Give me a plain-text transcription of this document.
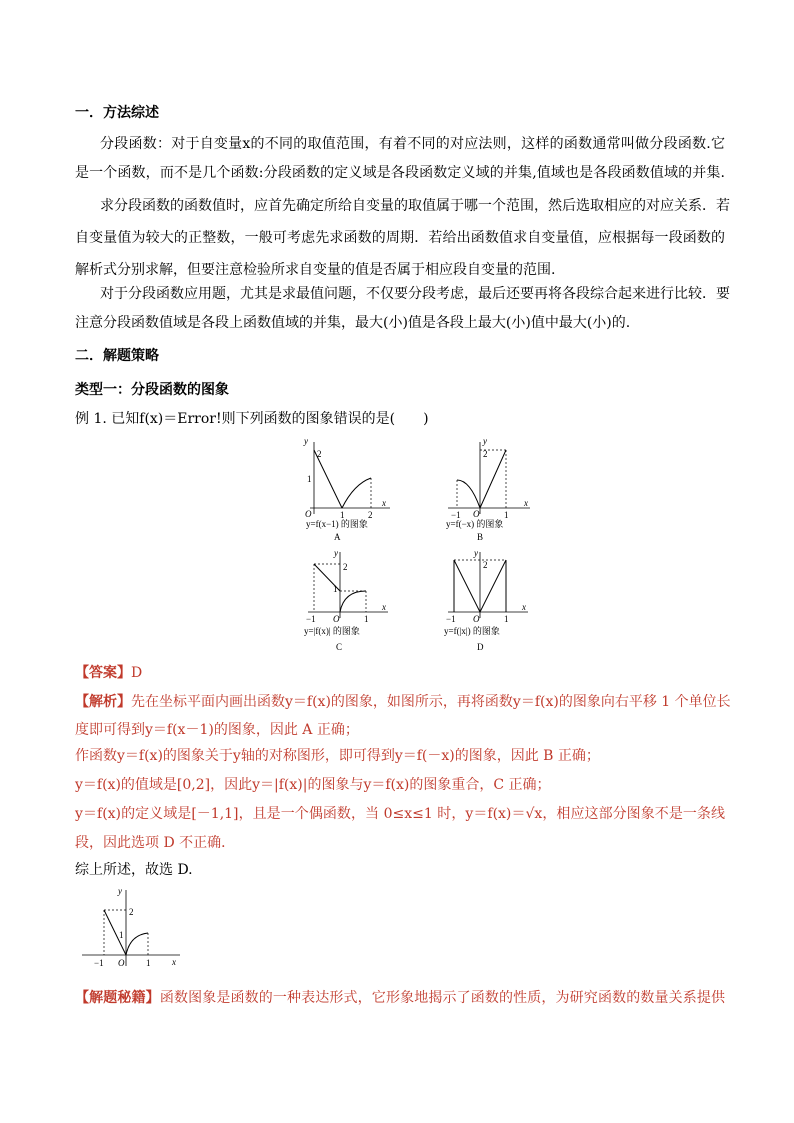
一．方法综述
分段函数：对于自变量x的不同的取值范围，有着不同的对应法则，这样的函数通常叫做分段函数.它
是一个函数，而不是几个函数:分段函数的定义域是各段函数定义域的并集,值域也是各段函数值域的并集.
求分段函数的函数值时，应首先确定所给自变量的取值属于哪一个范围，然后选取相应的对应关系．若
自变量值为较大的正整数，一般可考虑先求函数的周期．若给出函数值求自变量值，应根据每一段函数的
解析式分别求解，但要注意检验所求自变量的值是否属于相应段自变量的范围.
对于分段函数应用题，尤其是求最值问题，不仅要分段考虑，最后还要再将各段综合起来进行比较．要
注意分段函数值域是各段上函数值域的并集，最大(小)值是各段上最大(小)值中最大(小)的.
二．解题策略
类型一：分段函数的图象
例 1. 已知f(x)＝Error!则下列函数的图象错误的是(　　)
y
x
O
2
1
1	2
y=f(x−1) 的图象
A
y
x
O
2
−1	1
y=f(−x) 的图象
B
y
x
O
2
1
−1	1
y=|f(x)| 的图象
C
y
x
O
2
−1	1
y=f(|x|) 的图象
D
【答案】D
【解析】先在坐标平面内画出函数y＝f(x)的图象，如图所示，再将函数y＝f(x)的图象向右平移 1 个单位长
度即可得到y＝f(x－1)的图象，因此 A 正确；
作函数y＝f(x)的图象关于y轴的对称图形，即可得到y＝f(－x)的图象，因此 B 正确；
y＝f(x)的值域是[0,2]，因此y＝|f(x)|的图象与y＝f(x)的图象重合，C 正确；
y＝f(x)的定义域是[－1,1]，且是一个偶函数，当 0≤x≤1 时，y＝f(x)＝√x，相应这部分图象不是一条线
段，因此选项 D 不正确．
综上所述，故选 D.
y
x
O
2
1
−1	1
【解题秘籍】函数图象是函数的一种表达形式，它形象地揭示了函数的性质，为研究函数的数量关系提供
